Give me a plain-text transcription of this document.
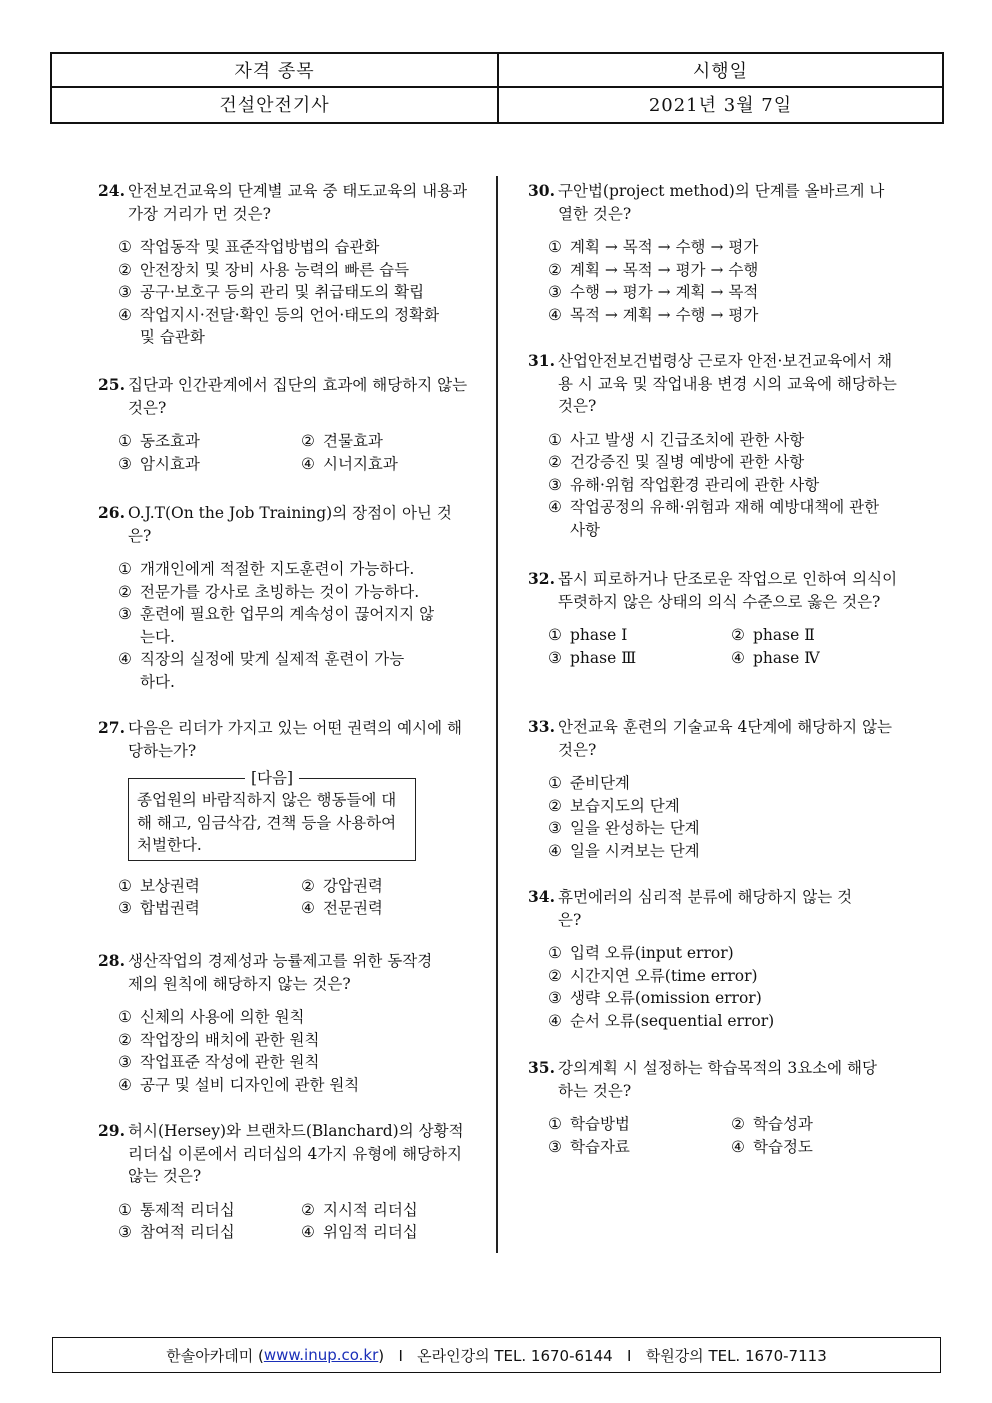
자격 종목	시행일
건설안전기사	2021년 3월 7일
24. 안전보건교육의 단계별 교육 중 태도교육의 내용과 가장 거리가 먼 것은?
① 작업동작 및 표준작업방법의 습관화
② 안전장치 및 장비 사용 능력의 빠른 습득
③ 공구·보호구 등의 관리 및 취급태도의 확립
④ 작업지시·전달·확인 등의 언어·태도의 정확화 및 습관화
25. 집단과 인간관계에서 집단의 효과에 해당하지 않는 것은?
① 동조효과	② 견물효과
③ 암시효과	④ 시너지효과
26. O.J.T(On the Job Training)의 장점이 아닌 것은?
① 개개인에게 적절한 지도훈련이 가능하다.
② 전문가를 강사로 초빙하는 것이 가능하다.
③ 훈련에 필요한 업무의 계속성이 끊어지지 않는다.
④ 직장의 실정에 맞게 실제적 훈련이 가능하다.
27. 다음은 리더가 가지고 있는 어떤 권력의 예시에 해당하는가?
[다음]
종업원의 바람직하지 않은 행동들에 대해 해고, 임금삭감, 견책 등을 사용하여 처벌한다.
① 보상권력	② 강압권력
③ 합법권력	④ 전문권력
28. 생산작업의 경제성과 능률제고를 위한 동작경제의 원칙에 해당하지 않는 것은?
① 신체의 사용에 의한 원칙
② 작업장의 배치에 관한 원칙
③ 작업표준 작성에 관한 원칙
④ 공구 및 설비 디자인에 관한 원칙
29. 허시(Hersey)와 브랜차드(Blanchard)의 상황적 리더십 이론에서 리더십의 4가지 유형에 해당하지 않는 것은?
① 통제적 리더십	② 지시적 리더십
③ 참여적 리더십	④ 위임적 리더십
30. 구안법(project method)의 단계를 올바르게 나열한 것은?
① 계획 → 목적 → 수행 → 평가
② 계획 → 목적 → 평가 → 수행
③ 수행 → 평가 → 계획 → 목적
④ 목적 → 계획 → 수행 → 평가
31. 산업안전보건법령상 근로자 안전·보건교육에서 채용 시 교육 및 작업내용 변경 시의 교육에 해당하는 것은?
① 사고 발생 시 긴급조치에 관한 사항
② 건강증진 및 질병 예방에 관한 사항
③ 유해·위험 작업환경 관리에 관한 사항
④ 작업공정의 유해·위험과 재해 예방대책에 관한 사항
32. 몹시 피로하거나 단조로운 작업으로 인하여 의식이 뚜렷하지 않은 상태의 의식 수준으로 옳은 것은?
① phase Ⅰ	② phase Ⅱ
③ phase Ⅲ	④ phase Ⅳ
33. 안전교육 훈련의 기술교육 4단계에 해당하지 않는 것은?
① 준비단계
② 보습지도의 단계
③ 일을 완성하는 단계
④ 일을 시켜보는 단계
34. 휴먼에러의 심리적 분류에 해당하지 않는 것은?
① 입력 오류(input error)
② 시간지연 오류(time error)
③ 생략 오류(omission error)
④ 순서 오류(sequential error)
35. 강의계획 시 설정하는 학습목적의 3요소에 해당하는 것은?
① 학습방법	② 학습성과
③ 학습자료	④ 학습정도
한솔아카데미 ( www.inup.co.kr )   I   온라인강의 TEL. 1670-6144   I   학원강의 TEL. 1670-7113
